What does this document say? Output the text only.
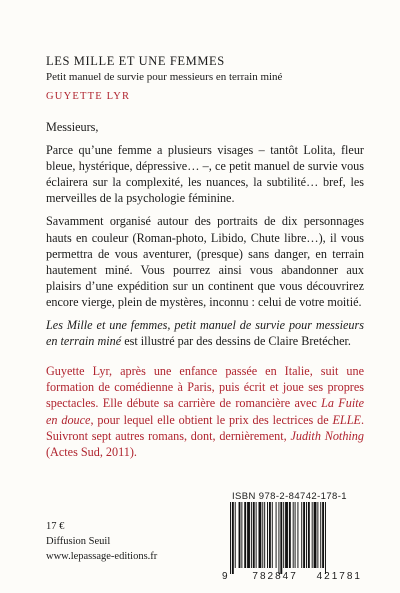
LES MILLE ET UNE FEMMES

Petit manuel de survie pour messieurs en terrain miné

GUYETTE LYR

Messieurs,

Parce qu’une femme a plusieurs visages – tantôt Lolita, fleur bleue, hystérique, dépressive… –, ce petit manuel de survie vous éclairera sur la complexité, les nuances, la subtilité… bref, les merveilles de la psychologie féminine.

Savamment organisé autour des portraits de dix personnages hauts en couleur (Roman-photo, Libido, Chute libre…), il vous permettra de vous aventurer, (presque) sans danger, en terrain hautement miné. Vous pourrez ainsi vous abandonner aux plaisirs d’une expédition sur un continent que vous découvrirez encore vierge, plein de mystères, inconnu : celui de votre moitié.

Les Mille et une femmes, petit manuel de survie pour messieurs en terrain miné est illustré par des dessins de Claire Bretécher.

Guyette Lyr, après une enfance passée en Italie, suit une formation de comédienne à Paris, puis écrit et joue ses propres spectacles. Elle débute sa carrière de romancière avec La Fuite en douce, pour lequel elle obtient le prix des lectrices de ELLE. Suivront sept autres romans, dont, dernièrement, Judith Nothing (Actes Sud, 2011).

17 €
Diffusion Seuil
www.lepassage-editions.fr
ISBN 978-2-84742-178-1
9 782847 421781
